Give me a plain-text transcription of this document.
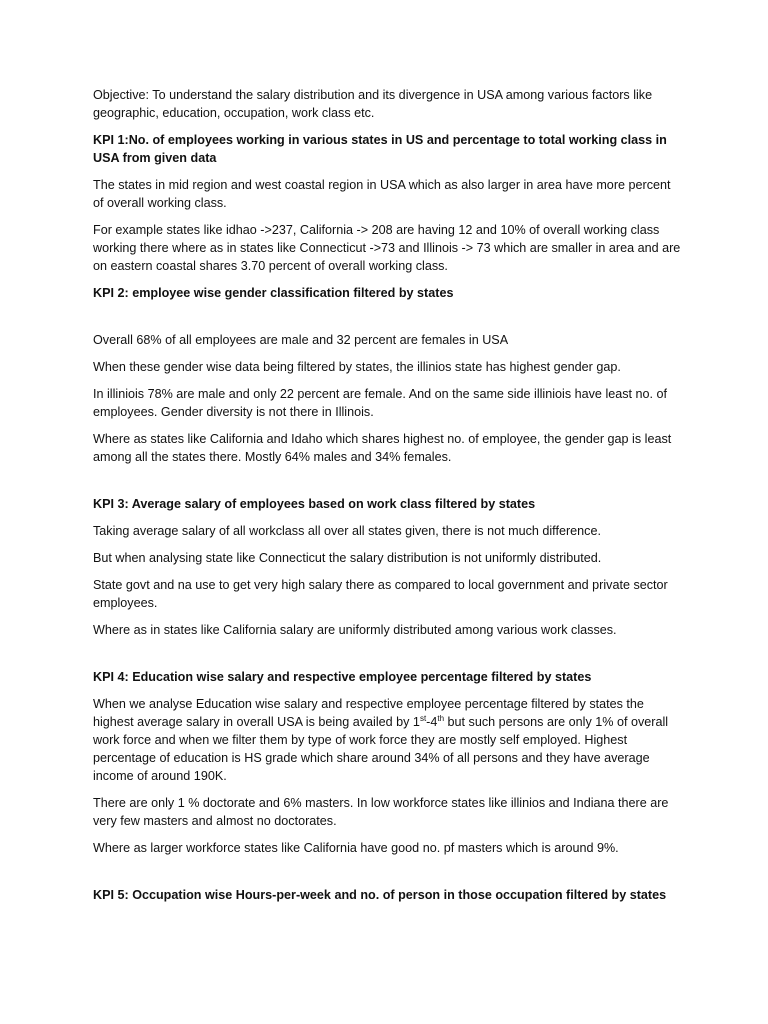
Objective: To understand the salary distribution and its divergence in USA among various factors like geographic, education, occupation, work class etc.

KPI 1:No. of employees working in various states in US and percentage to total working class in USA from given data

The states in mid region and west coastal region in USA which as also larger in area have more percent of overall working class.

For example states like idhao ->237, California -> 208 are having 12 and 10% of overall working class working there where as in states like Connecticut ->73 and Illinois -> 73 which are smaller in area and are on eastern coastal shares 3.70 percent of overall working class.

KPI 2: employee wise gender classification filtered by states

Overall 68% of all employees are male and 32 percent are females in USA

When these gender wise data being filtered by states, the illinios state has highest gender gap.

In illiniois 78% are male and only 22 percent are female. And on the same side illiniois have least no. of employees. Gender diversity is not there in Illinois.

Where as states like California and Idaho which shares highest no. of employee, the gender gap is least among all the states there. Mostly 64% males and 34% females.

KPI 3: Average salary of employees based on work class filtered by states

Taking average salary of all workclass all over all states given, there is not much difference.

But when analysing state like Connecticut the salary distribution is not uniformly distributed.

State govt and na use to get very high salary there as compared to local government and private sector employees.

Where as in states like California salary are uniformly distributed among various work classes.

KPI 4: Education wise salary and respective employee percentage filtered by states

When we analyse Education wise salary and respective employee percentage filtered by states the highest average salary in overall USA is being availed by 1st-4th but such persons are only 1% of overall work force and when we filter them by type of work force they are mostly self employed. Highest percentage of education is HS grade which share around 34% of all persons and they have average income of around 190K.

There are only 1 % doctorate and 6% masters. In low workforce states like illinios and Indiana there are very few masters and almost no doctorates.

Where as larger workforce states like California have good no. pf masters which is around 9%.

KPI 5: Occupation wise Hours-per-week and no. of person in those occupation filtered by states
